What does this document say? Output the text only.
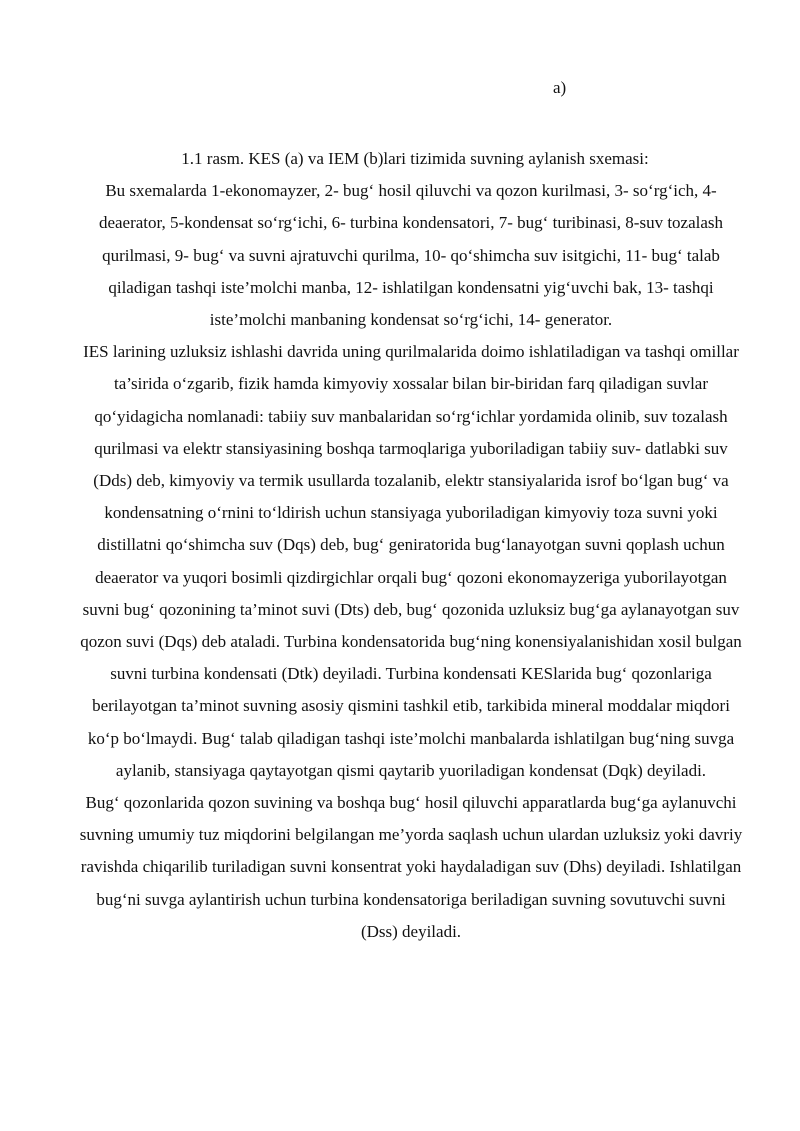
a)

1.1 rasm. KES (a) va IEM (b)lari tizimida suvning aylanish sxemasi:

Bu sxemalarda 1-ekonomayzer, 2- bug‘ hosil qiluvchi va qozon kurilmasi, 3- so‘rg‘ich, 4- deaerator, 5-kondensat so‘rg‘ichi, 6- turbina kondensatori, 7- bug‘ turibinasi, 8-suv tozalash qurilmasi, 9- bug‘ va suvni ajratuvchi qurilma, 10- qo‘shimcha suv isitgichi, 11- bug‘ talab qiladigan tashqi iste’molchi manba, 12- ishlatilgan kondensatni yig‘uvchi bak, 13- tashqi iste’molchi manbaning kondensat so‘rg‘ichi, 14- generator.

IES larining uzluksiz ishlashi davrida uning qurilmalarida doimo ishlatiladigan va tashqi omillar ta’sirida o‘zgarib, fizik hamda kimyoviy xossalar bilan bir-biridan farq qiladigan suvlar qo‘yidagicha nomlanadi: tabiiy suv manbalaridan so‘rg‘ichlar yordamida olinib, suv tozalash qurilmasi va elektr stansiyasining boshqa tarmoqlariga yuboriladigan tabiiy suv- datlabki suv (Dds) deb, kimyoviy va termik usullarda tozalanib, elektr stansiyalarida isrof bo‘lgan bug‘ va kondensatning o‘rnini to‘ldirish uchun stansiyaga yuboriladigan kimyoviy toza suvni yoki distillatni qo‘shimcha suv (Dqs) deb, bug‘ geniratorida bug‘lanayotgan suvni qoplash uchun deaerator va yuqori bosimli qizdirgichlar orqali bug‘ qozoni ekonomayzeriga yuborilayotgan suvni bug‘ qozonining ta’minot suvi (Dts) deb, bug‘ qozonida uzluksiz bug‘ga aylanayotgan suv qozon suvi (Dqs) deb ataladi. Turbina kondensatorida bug‘ning konensiyalanishidan xosil bulgan suvni turbina kondensati (Dtk) deyiladi. Turbina kondensati KESlarida bug‘ qozonlariga berilayotgan ta’minot suvning asosiy qismini tashkil etib, tarkibida mineral moddalar miqdori ko‘p bo‘lmaydi. Bug‘ talab qiladigan tashqi iste’molchi manbalarda ishlatilgan bug‘ning suvga aylanib, stansiyaga qaytayotgan qismi qaytarib yuoriladigan kondensat (Dqk) deyiladi.

Bug‘ qozonlarida qozon suvining va boshqa bug‘ hosil qiluvchi apparatlarda bug‘ga aylanuvchi suvning umumiy tuz miqdorini belgilangan me’yorda saqlash uchun ulardan uzluksiz yoki davriy ravishda chiqarilib turiladigan suvni konsentrat yoki haydaladigan suv (Dhs) deyiladi. Ishlatilgan bug‘ni suvga aylantirish uchun turbina kondensatoriga beriladigan suvning sovutuvchi suvni (Dss) deyiladi.
